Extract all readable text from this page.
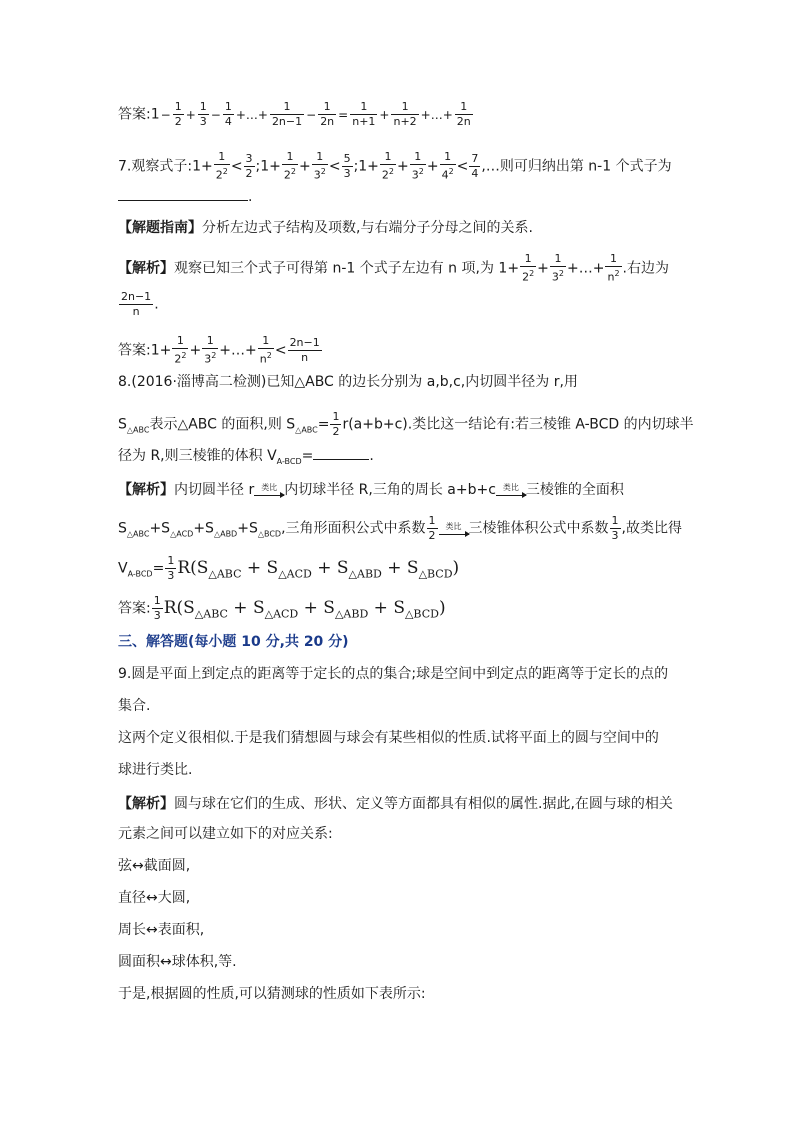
答案:1− $\frac{1}{2} + \frac{1}{3} - \frac{1}{4}$ +…+ $\frac{1}{2n-1} - \frac{1}{2n} = \frac{1}{n+1} + \frac{1}{n+2}$ +…+ $\frac{1}{2n}$
7.观察式子:1+ $\frac{1}{2^2} < \frac{3}{2}$ ;1+ $\frac{1}{2^2} + \frac{1}{3^2} < \frac{5}{3}$ ;1+ $\frac{1}{2^2} + \frac{1}{3^2} + \frac{1}{4^2} < \frac{7}{4}$ ,…则可归纳出第 n-1 个式子为
.
【解题指南】分析左边式子结构及项数,与右端分子分母之间的关系.
【解析】观察已知三个式子可得第 n-1 个式子左边有 n 项,为 $1+ \frac{1}{2^2} + \frac{1}{3^2}$ +…+ $\frac{1}{n^2}$ .右边为
$\frac{2n-1}{n}$ .
答案:1+ $\frac{1}{2^2} + \frac{1}{3^2}$ +…+ $\frac{1}{n^2} < \frac{2n-1}{n}$
8.(2016·淄博高二检测)已知△ABC 的边长分别为 a,b,c,内切圆半径为 r,用
$S_{\triangle ABC}$表示△ABC 的面积,则 $S_{\triangle ABC}= \frac{1}{2} r(a+b+c)$.类比这一结论有:若三棱锥 A-BCD 的内切球半
径为 R,则三棱锥的体积 $V_{A-BCD}=$	.
【解析】内切圆半径 r 类比 内切球半径 R,三角的周长 a+b+c 类比 三棱锥的全面积
$S_{\triangle ABC}+S_{\triangle ACD}+S_{\triangle ABD}+S_{\triangle BCD}$,三角形面积公式中系数 $\frac{1}{2}$	类比 三棱锥体积公式中系数 $\frac{1}{3}$ ,故类比得
$V_{A-BCD}= \frac{1}{3} R(S_{\triangle ABC} + S_{\triangle ACD} + S_{\triangle ABD} + S_{\triangle BCD})$
答案: $\frac{1}{3} R(S_{\triangle ABC} + S_{\triangle ACD} + S_{\triangle ABD} + S_{\triangle BCD})$
三、解答题(每小题 10 分,共 20 分)
9.圆是平面上到定点的距离等于定长的点的集合;球是空间中到定点的距离等于定长的点的
集合.
这两个定义很相似.于是我们猜想圆与球会有某些相似的性质.试将平面上的圆与空间中的
球进行类比.
【解析】圆与球在它们的生成、形状、定义等方面都具有相似的属性.据此,在圆与球的相关
元素之间可以建立如下的对应关系:
弦↔截面圆,
直径↔大圆,
周长↔表面积,
圆面积↔球体积,等.
于是,根据圆的性质,可以猜测球的性质如下表所示:
